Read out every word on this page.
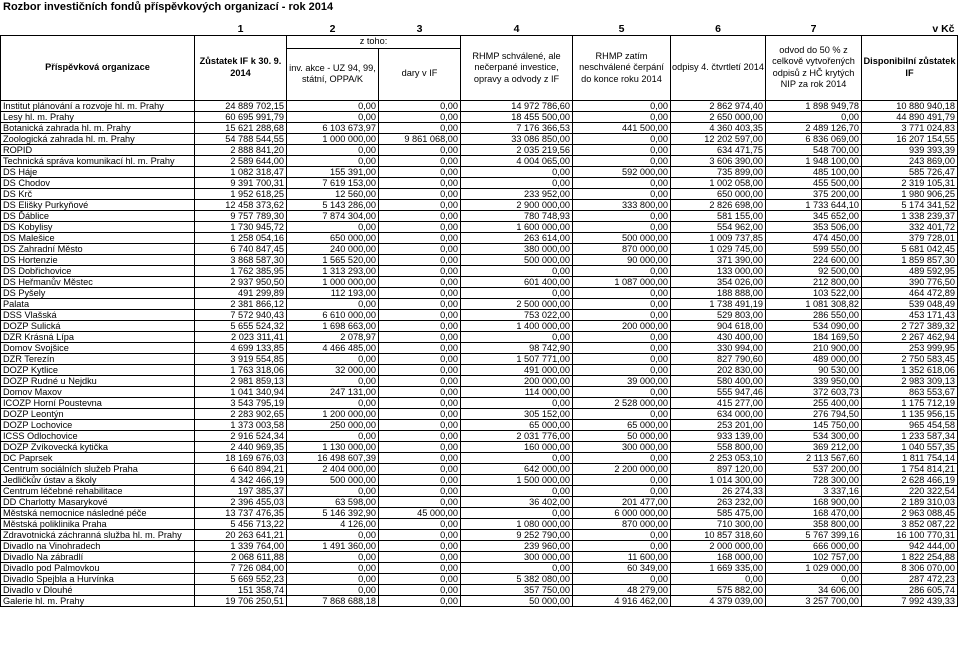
Rozbor investičních fondů příspěvkových organizací - rok 2014
	1	2	3	4	5	6	7	v Kč
Příspěvková organizace	Zůstatek IF k 30. 9. 2014	z toho:		RHMP schválené, ale nečerpané investice, opravy a odvody z IF	RHMP zatím neschválené čerpání do konce roku 2014	odpisy 4. čtvrtletí 2014	odvod do 50 % z celkově vytvořených odpisů z HČ krytých NIP za rok 2014	Disponibilní zůstatek IF
		inv. akce - UZ 94, 99, státní, OPPA/K	dary v IF					
Institut plánování a rozvoje hl. m. Prahy	24 889 702,15	0,00	0,00	14 972 786,60	0,00	2 862 974,40	1 898 949,78	10 880 940,18
Lesy hl. m. Prahy	60 695 991,79	0,00	0,00	18 455 500,00	0,00	2 650 000,00	0,00	44 890 491,79
Botanická zahrada hl. m. Prahy	15 621 288,68	6 103 673,97	0,00	7 176 366,53	441 500,00	4 360 403,35	2 489 126,70	3 771 024,83
Zoologická zahrada hl. m. Prahy	54 788 544,55	1 000 000,00	9 861 068,00	33 086 850,00	0,00	12 202 597,00	6 836 069,00	16 207 154,55
ROPID	2 888 841,20	0,00	0,00	2 035 219,56	0,00	634 471,75	548 700,00	939 393,39
Technická správa komunikací hl. m. Prahy	2 589 644,00	0,00	0,00	4 004 065,00	0,00	3 606 390,00	1 948 100,00	243 869,00
DS Háje	1 082 318,47	155 391,00	0,00	0,00	592 000,00	735 899,00	485 100,00	585 726,47
DS Chodov	9 391 700,31	7 619 153,00	0,00	0,00	0,00	1 002 058,00	455 500,00	2 319 105,31
DS Krč	1 952 618,25	12 560,00	0,00	233 952,00	0,00	650 000,00	375 200,00	1 980 906,25
DS Elišky Purkyňové	12 458 373,62	5 143 286,00	0,00	2 900 000,00	333 800,00	2 826 698,00	1 733 644,10	5 174 341,52
DS Ďáblice	9 757 789,30	7 874 304,00	0,00	780 748,93	0,00	581 155,00	345 652,00	1 338 239,37
DS Kobylisy	1 730 945,72	0,00	0,00	1 600 000,00	0,00	554 962,00	353 506,00	332 401,72
DS Malešice	1 258 054,16	650 000,00	0,00	263 614,00	500 000,00	1 009 737,85	474 450,00	379 728,01
DS Zahradní Město	6 740 847,45	240 000,00	0,00	380 000,00	870 000,00	1 029 745,00	599 550,00	5 681 042,45
DS Hortenzie	3 868 587,30	1 565 520,00	0,00	500 000,00	90 000,00	371 390,00	224 600,00	1 859 857,30
DS Dobřichovice	1 762 385,95	1 313 293,00	0,00	0,00	0,00	133 000,00	92 500,00	489 592,95
DS Heřmanův Městec	2 937 950,50	1 000 000,00	0,00	601 400,00	1 087 000,00	354 026,00	212 800,00	390 776,50
DS Pyšely	491 299,89	112 193,00	0,00	0,00	0,00	188 888,00	103 522,00	464 472,89
Palata	2 381 866,12	0,00	0,00	2 500 000,00	0,00	1 738 491,19	1 081 308,82	539 048,49
DSS Vlašská	7 572 940,43	6 610 000,00	0,00	753 022,00	0,00	529 803,00	286 550,00	453 171,43
DOZP Sulická	5 655 524,32	1 698 663,00	0,00	1 400 000,00	200 000,00	904 618,00	534 090,00	2 727 389,32
DZR Krásná Lípa	2 023 311,41	2 078,97	0,00	0,00	0,00	430 400,00	184 169,50	2 267 462,94
Domov Svojšice	4 699 133,85	4 466 485,00	0,00	98 742,90	0,00	330 994,00	210 900,00	253 999,95
DZR Terezín	3 919 554,85	0,00	0,00	1 507 771,00	0,00	827 790,60	489 000,00	2 750 583,45
DOZP Kytlice	1 763 318,06	32 000,00	0,00	491 000,00	0,00	202 830,00	90 530,00	1 352 618,06
DOZP Rudné u Nejdku	2 981 859,13	0,00	0,00	200 000,00	39 000,00	580 400,00	339 950,00	2 983 309,13
Domov Maxov	1 041 340,94	247 131,00	0,00	114 000,00	0,00	555 947,46	372 603,73	863 553,67
ICOZP Horní Poustevna	3 543 795,19	0,00	0,00	0,00	2 528 000,00	415 277,00	255 400,00	1 175 712,19
DOZP Leontýn	2 283 902,65	1 200 000,00	0,00	305 152,00	0,00	634 000,00	276 794,50	1 135 956,15
DOZP Lochovice	1 373 003,58	250 000,00	0,00	65 000,00	65 000,00	253 201,00	145 750,00	965 454,58
ICSS Odlochovice	2 916 524,34	0,00	0,00	2 031 776,00	50 000,00	933 139,00	534 300,00	1 233 587,34
DOZP Zvíkovecká kytička	2 440 969,35	1 130 000,00	0,00	160 000,00	300 000,00	558 800,00	369 212,00	1 040 557,35
DC Paprsek	18 169 676,03	16 498 607,39	0,00	0,00	0,00	2 253 053,10	2 113 567,60	1 811 754,14
Centrum sociálních služeb Praha	6 640 894,21	2 404 000,00	0,00	642 000,00	2 200 000,00	897 120,00	537 200,00	1 754 814,21
Jedličkův ústav a školy	4 342 466,19	500 000,00	0,00	1 500 000,00	0,00	1 014 300,00	728 300,00	2 628 466,19
Centrum léčebné rehabilitace	197 385,37	0,00	0,00	0,00	0,00	26 274,33	3 337,16	220 322,54
DD Charlotty Masarykové	2 396 455,03	63 598,00	0,00	36 402,00	201 477,00	263 232,00	168 900,00	2 189 310,03
Městská nemocnice následné péče	13 737 476,35	5 146 392,90	45 000,00	0,00	6 000 000,00	585 475,00	168 470,00	2 963 088,45
Městská poliklinika Praha	5 456 713,22	4 126,00	0,00	1 080 000,00	870 000,00	710 300,00	358 800,00	3 852 087,22
Zdravotnická záchranná služba hl. m. Prahy	20 263 641,21	0,00	0,00	9 252 790,00	0,00	10 857 318,60	5 767 399,16	16 100 770,31
Divadlo na Vinohradech	1 339 764,00	1 491 360,00	0,00	239 960,00	0,00	2 000 000,00	666 000,00	942 444,00
Divadlo Na zábradlí	2 068 611,88	0,00	0,00	300 000,00	11 600,00	168 000,00	102 757,00	1 822 254,88
Divadlo pod Palmovkou	7 726 084,00	0,00	0,00	0,00	60 349,00	1 669 335,00	1 029 000,00	8 306 070,00
Divadlo Spejbla a Hurvínka	5 669 552,23	0,00	0,00	5 382 080,00	0,00	0,00	0,00	287 472,23
Divadlo v Dlouhé	151 358,74	0,00	0,00	357 750,00	48 279,00	575 882,00	34 606,00	286 605,74
Galerie hl. m. Prahy	19 706 250,51	7 868 688,18	0,00	50 000,00	4 916 462,00	4 379 039,00	3 257 700,00	7 992 439,33
